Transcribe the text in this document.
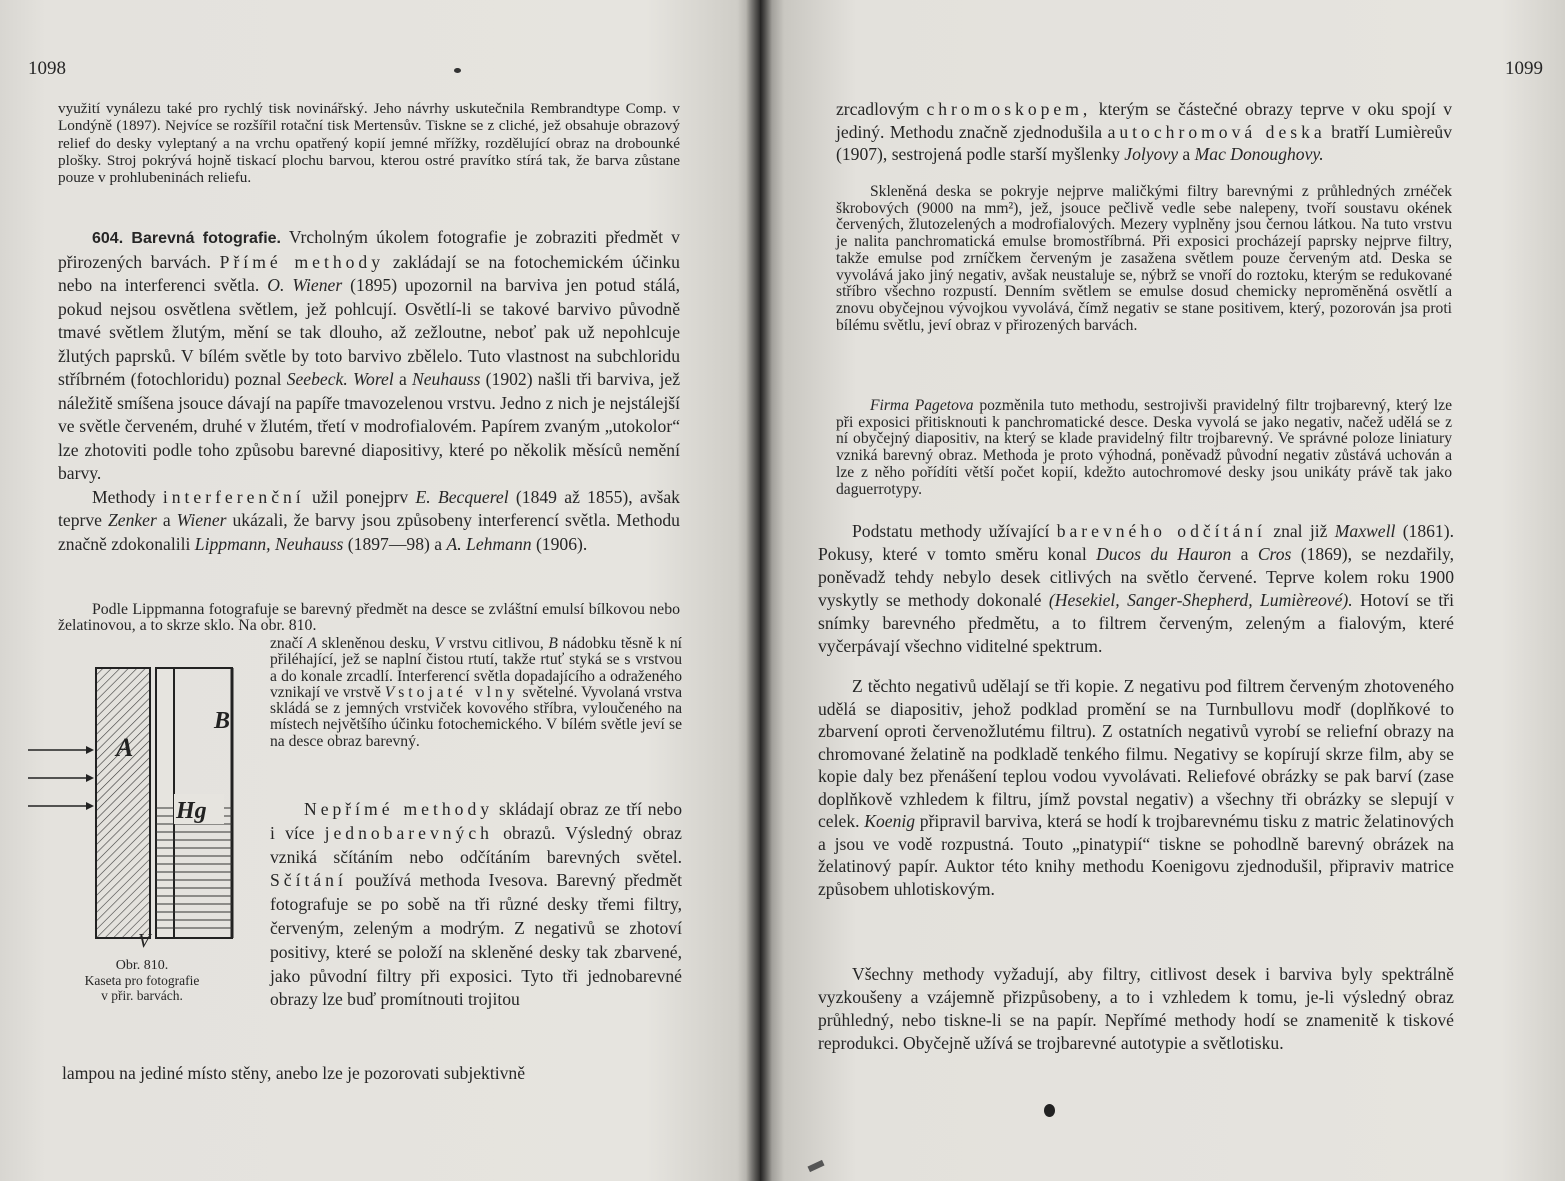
1098

využití vynálezu také pro rychlý tisk novinářský. Jeho návrhy uskutečnila Rembrandtype Comp. v Londýně (1897). Nejvíce se rozšířil rotační tisk Mertensův. Tiskne se z cliché, jež obsahuje obrazový relief do desky vyleptaný a na vrchu opatřený kopií jemné mřížky, rozdělující obraz na drobounké plošky. Stroj pokrývá hojně tiskací plochu barvou, kterou ostré pravítko stírá tak, že barva zůstane pouze v prohlubeninách reliefu.

604. Barevná fotografie. Vrcholným úkolem fotografie je zobraziti předmět v přirozených barvách. Přímé methody zakládají se na fotochemickém účinku nebo na interferenci světla. O. Wiener (1895) upozornil na barviva jen potud stálá, pokud nejsou osvětlena světlem, jež pohlcují. Osvětlí-li se takové barvivo původně tmavé světlem žlutým, mění se tak dlouho, až zežloutne, neboť pak už nepohlcuje žlutých paprsků. V bílém světle by toto barvivo zbělelo. Tuto vlastnost na subchloridu stříbrném (fotochloridu) poznal Seebeck. Worel a Neuhauss (1902) našli tři barviva, jež náležitě smíšena jsouce dávají na papíře tmavozelenou vrstvu. Jedno z nich je nejstálejší ve světle červeném, druhé v žlutém, třetí v modrofialovém. Papírem zvaným „utokolor“ lze zhotoviti podle toho způsobu barevné diapositivy, které po několik měsíců nemění barvy.

Methody interferenční užil ponejprv E. Becquerel (1849 až 1855), avšak teprve Zenker a Wiener ukázali, že barvy jsou způsobeny interferencí světla. Methodu značně zdokonalili Lippmann, Neuhauss (1897—98) a A. Lehmann (1906).

Podle Lippmanna fotografuje se barevný předmět na desce se zvláštní emulsí bílkovou nebo želatinovou, a to skrze sklo. Na obr. 810.

značí A skleněnou desku, V vrstvu citlivou, B nádobku těsně k ní přiléhající, jež se naplní čistou rtutí, takže rtuť styká se s vrstvou a do konale zrcadlí. Interferencí světla dopadajícího a odraženého vznikají ve vrstvě V stojaté vlny světelné. Vyvolaná vrstva skládá se z jemných vrstviček kovového stříbra, vyloučeného na místech největšího účinku fotochemického. V bílém světle jeví se na desce obraz barevný.

Nepřímé methody skládají obraz ze tří nebo i více jednobarevných obrazů. Výsledný obraz vzniká sčítáním nebo odčítáním barevných světel. Sčítání používá methoda Ivesova. Barevný předmět fotografuje se po sobě na tři různé desky třemi filtry, červeným, zeleným a modrým. Z negativů se zhotoví positivy, které se položí na skleněné desky tak zbarvené, jako původní filtry při exposici. Tyto tři jednobarevné obrazy lze buď promítnouti trojitou

lampou na jediné místo stěny, anebo lze je pozorovati subjektivně
A
B
Hg
V
Obr. 810.
Kaseta pro fotografie
v přir. barvách.
1099

zrcadlovým chromoskopem, kterým se částečné obrazy teprve v oku spojí v jediný. Methodu značně zjednodušila autochromová deska bratří Lumièreův (1907), sestrojená podle starší myšlenky Jolyovy a Mac Donoughovy.

Skleněná deska se pokryje nejprve maličkými filtry barevnými z průhledných zrnéček škrobových (9000 na mm²), jež, jsouce pečlivě vedle sebe nalepeny, tvoří soustavu okének červených, žlutozelených a modrofialových. Mezery vyplněny jsou černou látkou. Na tuto vrstvu je nalita panchromatická emulse bromostříbrná. Při exposici procházejí paprsky nejprve filtry, takže emulse pod zrníčkem červeným je zasažena světlem pouze červeným atd. Deska se vyvolává jako jiný negativ, avšak neustaluje se, nýbrž se vnoří do roztoku, kterým se redukované stříbro všechno rozpustí. Denním světlem se emulse dosud chemicky nepromĕněná osvětlí a znovu obyčejnou vývojkou vyvolává, čímž negativ se stane positivem, který, pozorován jsa proti bílému světlu, jeví obraz v přirozených barvách.

Firma Pagetova pozměnila tuto methodu, sestrojivši pravidelný filtr trojbarevný, který lze při exposici přitisknouti k panchromatické desce. Deska vyvolá se jako negativ, načež udělá se z ní obyčejný diapositiv, na který se klade pravidelný filtr trojbarevný. Ve správné poloze liniatury vzniká barevný obraz. Methoda je proto výhodná, poněvadž původní negativ zůstává uchován a lze z něho pořídíti větší počet kopií, kdežto autochromové desky jsou unikáty právě tak jako daguerrotypy.

Podstatu methody užívající barevného odčítání znal již Maxwell (1861). Pokusy, které v tomto směru konal Ducos du Hauron a Cros (1869), se nezdařily, poněvadž tehdy nebylo desek citlivých na světlo červené. Teprve kolem roku 1900 vyskytly se methody dokonalé (Hesekiel, Sanger-Shepherd, Lumièreové). Hotoví se tři snímky barevného předmětu, a to filtrem červeným, zeleným a fialovým, které vyčerpávají všechno viditelné spektrum.

Z těchto negativů udělají se tři kopie. Z negativu pod filtrem červeným zhotoveného udělá se diapositiv, jehož podklad promění se na Turnbullovu modř (doplňkové to zbarvení oproti červenožlutému filtru). Z ostatních negativů vyrobí se reliefní obrazy na chromované želatině na podkladě tenkého filmu. Negativy se kopírují skrze film, aby se kopie daly bez přenášení teplou vodou vyvolávati. Reliefové obrázky se pak barví (zase doplňkově vzhledem k filtru, jímž povstal negativ) a všechny tři obrázky se slepují v celek. Koenig připravil barviva, která se hodí k trojbarevnému tisku z matric želatinových a jsou ve vodě rozpustná. Touto „pinatypií“ tiskne se pohodlně barevný obrázek na želatinový papír. Auktor této knihy methodu Koenigovu zjednodušil, připraviv matrice způsobem uhlotiskovým.

Všechny methody vyžadují, aby filtry, citlivost desek i barviva byly spektrálně vyzkoušeny a vzájemně přizpůsobeny, a to i vzhledem k tomu, je-li výsledný obraz průhledný, nebo tiskne-li se na papír. Nepřímé methody hodí se znamenitě k tiskové reprodukci. Obyčejně užívá se trojbarevné autotypie a světlotisku.
